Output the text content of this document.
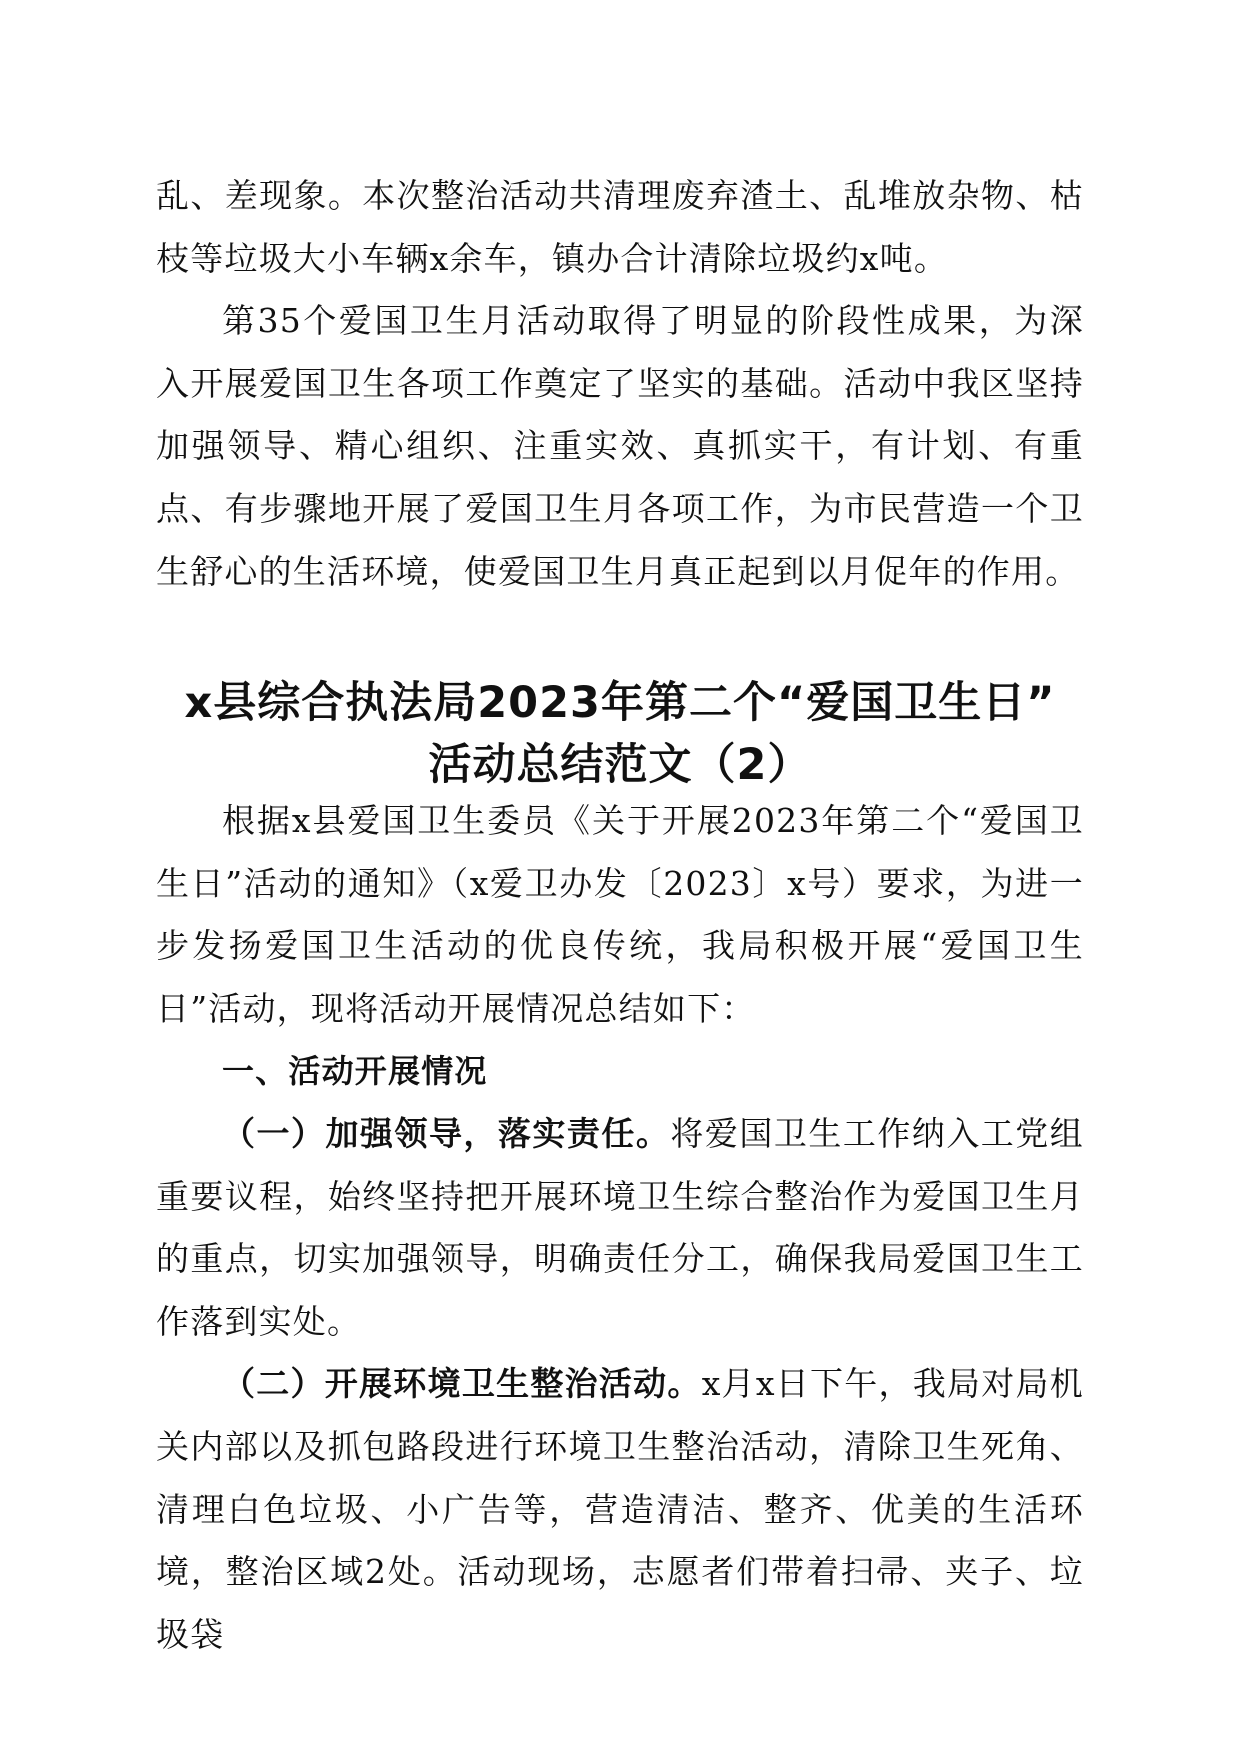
乱、差现象。本次整治活动共清理废弃渣土、乱堆放杂物、枯枝等垃圾大小车辆x余车，镇办合计清除垃圾约x吨。

第35个爱国卫生月活动取得了明显的阶段性成果，为深入开展爱国卫生各项工作奠定了坚实的基础。活动中我区坚持加强领导、精心组织、注重实效、真抓实干，有计划、有重点、有步骤地开展了爱国卫生月各项工作，为市民营造一个卫生舒心的生活环境，使爱国卫生月真正起到以月促年的作用。

x县综合执法局2023年第二个“爱国卫生日”
活动总结范文（2）

根据x县爱国卫生委员《关于开展2023年第二个“爱国卫生日”活动的通知》（x爱卫办发〔2023〕x号）要求，为进一步发扬爱国卫生活动的优良传统，我局积极开展“爱国卫生日”活动，现将活动开展情况总结如下：

一、活动开展情况

（一）加强领导，落实责任。将爱国卫生工作纳入工党组重要议程，始终坚持把开展环境卫生综合整治作为爱国卫生月的重点，切实加强领导，明确责任分工，确保我局爱国卫生工作落到实处。

（二）开展环境卫生整治活动。x月x日下午，我局对局机关内部以及抓包路段进行环境卫生整治活动，清除卫生死角、清理白色垃圾、小广告等，营造清洁、整齐、优美的生活环境，整治区域2处。活动现场，志愿者们带着扫帚、夹子、垃圾袋
